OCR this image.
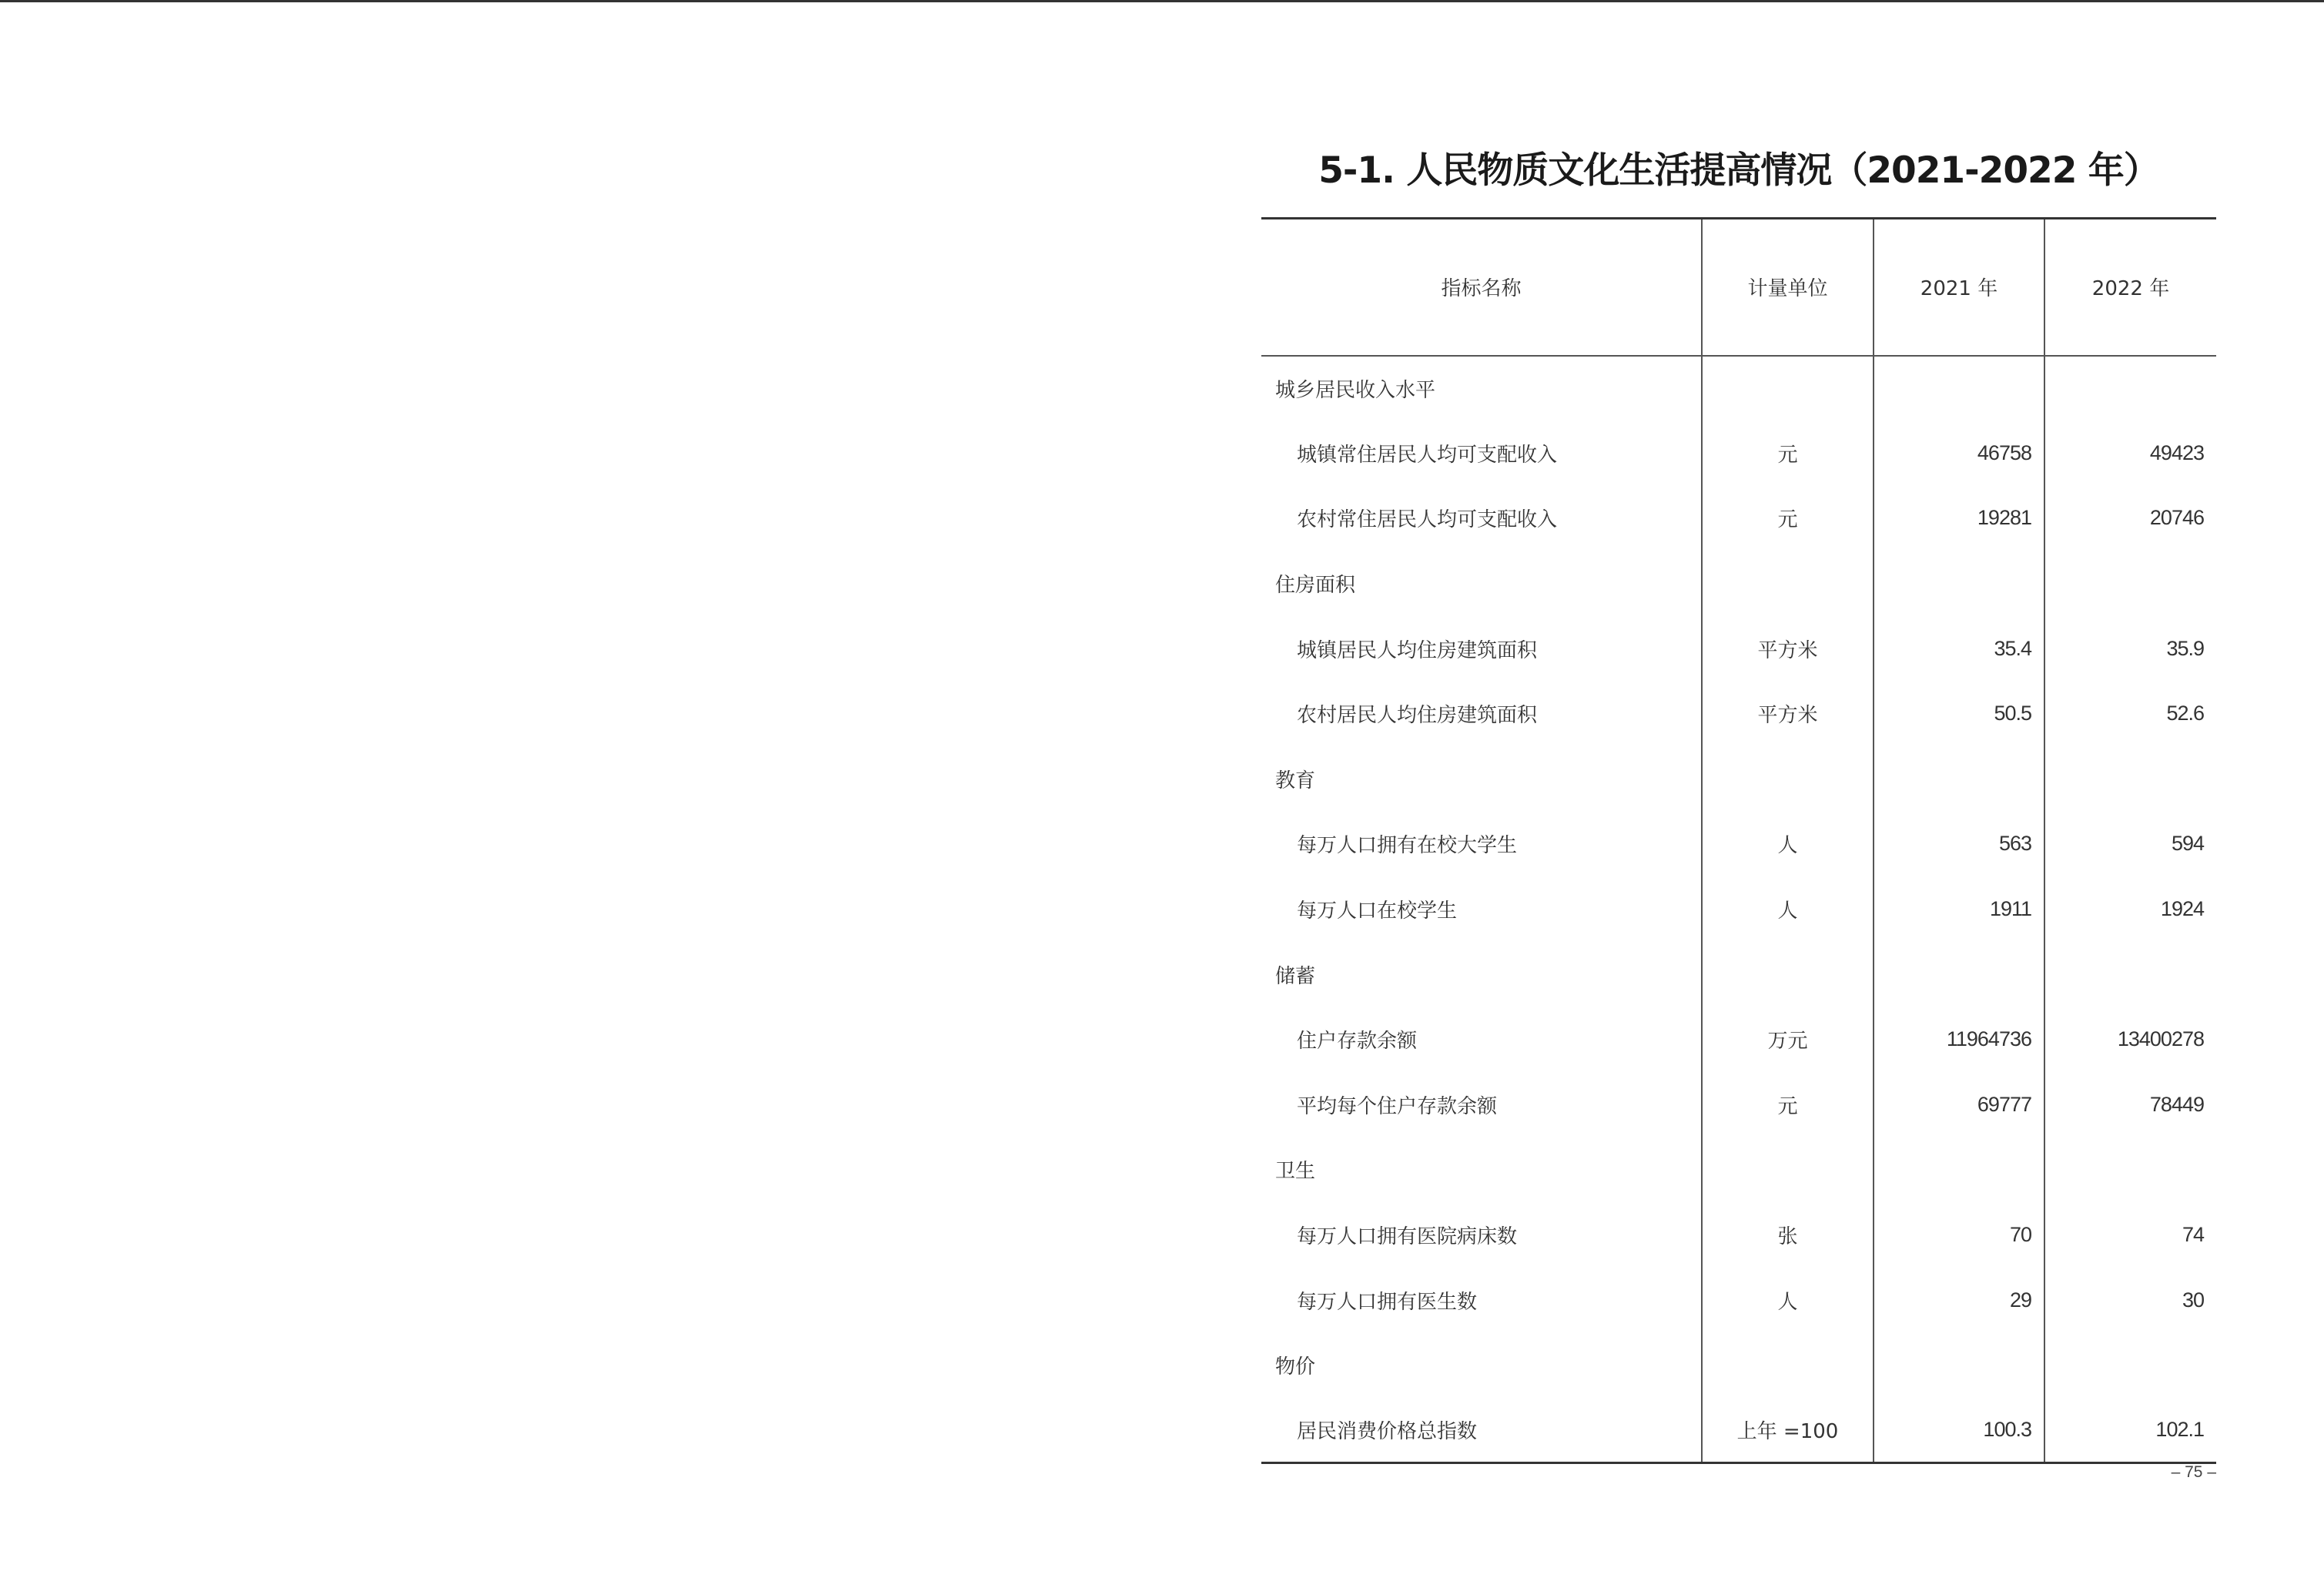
5-1. 人民物质文化生活提高情况（2021-2022 年）
指标名称	计量单位	2021 年	2022 年
城乡居民收入水平			
城镇常住居民人均可支配收入	元	46758	49423
农村常住居民人均可支配收入	元	19281	20746
住房面积			
城镇居民人均住房建筑面积	平方米	35.4	35.9
农村居民人均住房建筑面积	平方米	50.5	52.6
教育			
每万人口拥有在校大学生	人	563	594
每万人口在校学生	人	1911	1924
储蓄			
住户存款余额	万元	11964736	13400278
平均每个住户存款余额	元	69777	78449
卫生			
每万人口拥有医院病床数	张	70	74
每万人口拥有医生数	人	29	30
物价			
居民消费价格总指数	上年 =100	100.3	102.1
– 75 –
